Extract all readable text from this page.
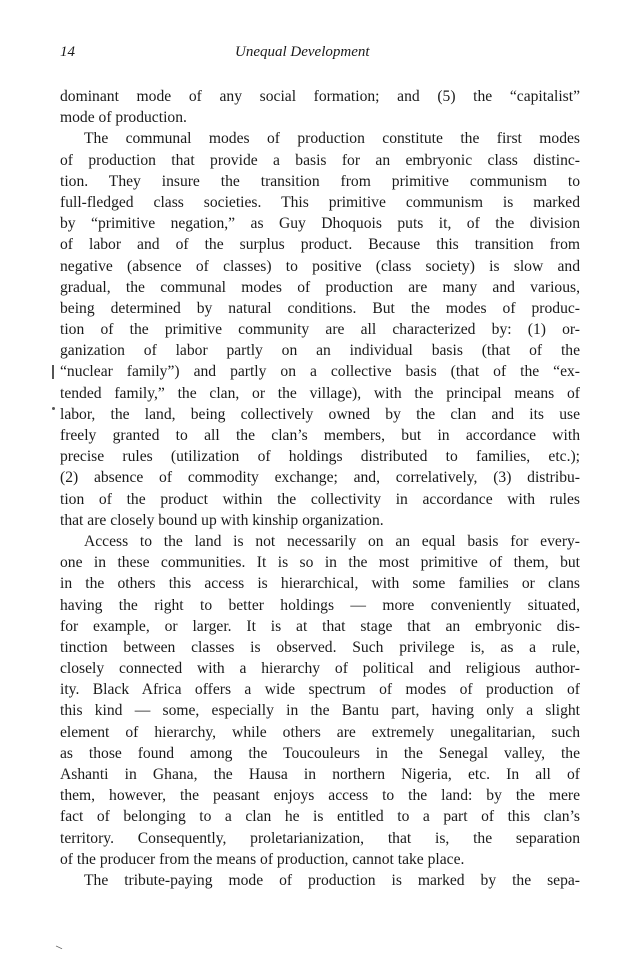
14	Unequal Development
dominant mode of any social formation; and (5) the “capitalist”
mode of production.
The communal modes of production constitute the first modes
of production that provide a basis for an embryonic class distinc-
tion. They insure the transition from primitive communism to
full-fledged class societies. This primitive communism is marked
by “primitive negation,” as Guy Dhoquois puts it, of the division
of labor and of the surplus product. Because this transition from
negative (absence of classes) to positive (class society) is slow and
gradual, the communal modes of production are many and various,
being determined by natural conditions. But the modes of produc-
tion of the primitive community are all characterized by: (1) or-
ganization of labor partly on an individual basis (that of the
“nuclear family”) and partly on a collective basis (that of the “ex-
tended family,” the clan, or the village), with the principal means of
labor, the land, being collectively owned by the clan and its use
freely granted to all the clan’s members, but in accordance with
precise rules (utilization of holdings distributed to families, etc.);
(2) absence of commodity exchange; and, correlatively, (3) distribu-
tion of the product within the collectivity in accordance with rules
that are closely bound up with kinship organization.
Access to the land is not necessarily on an equal basis for every-
one in these communities. It is so in the most primitive of them, but
in the others this access is hierarchical, with some families or clans
having the right to better holdings — more conveniently situated,
for example, or larger. It is at that stage that an embryonic dis-
tinction between classes is observed. Such privilege is, as a rule,
closely connected with a hierarchy of political and religious author-
ity. Black Africa offers a wide spectrum of modes of production of
this kind — some, especially in the Bantu part, having only a slight
element of hierarchy, while others are extremely unegalitarian, such
as those found among the Toucouleurs in the Senegal valley, the
Ashanti in Ghana, the Hausa in northern Nigeria, etc. In all of
them, however, the peasant enjoys access to the land: by the mere
fact of belonging to a clan he is entitled to a part of this clan’s
territory. Consequently, proletarianization, that is, the separation
of the producer from the means of production, cannot take place.
The tribute-paying mode of production is marked by the sepa-
⸜
